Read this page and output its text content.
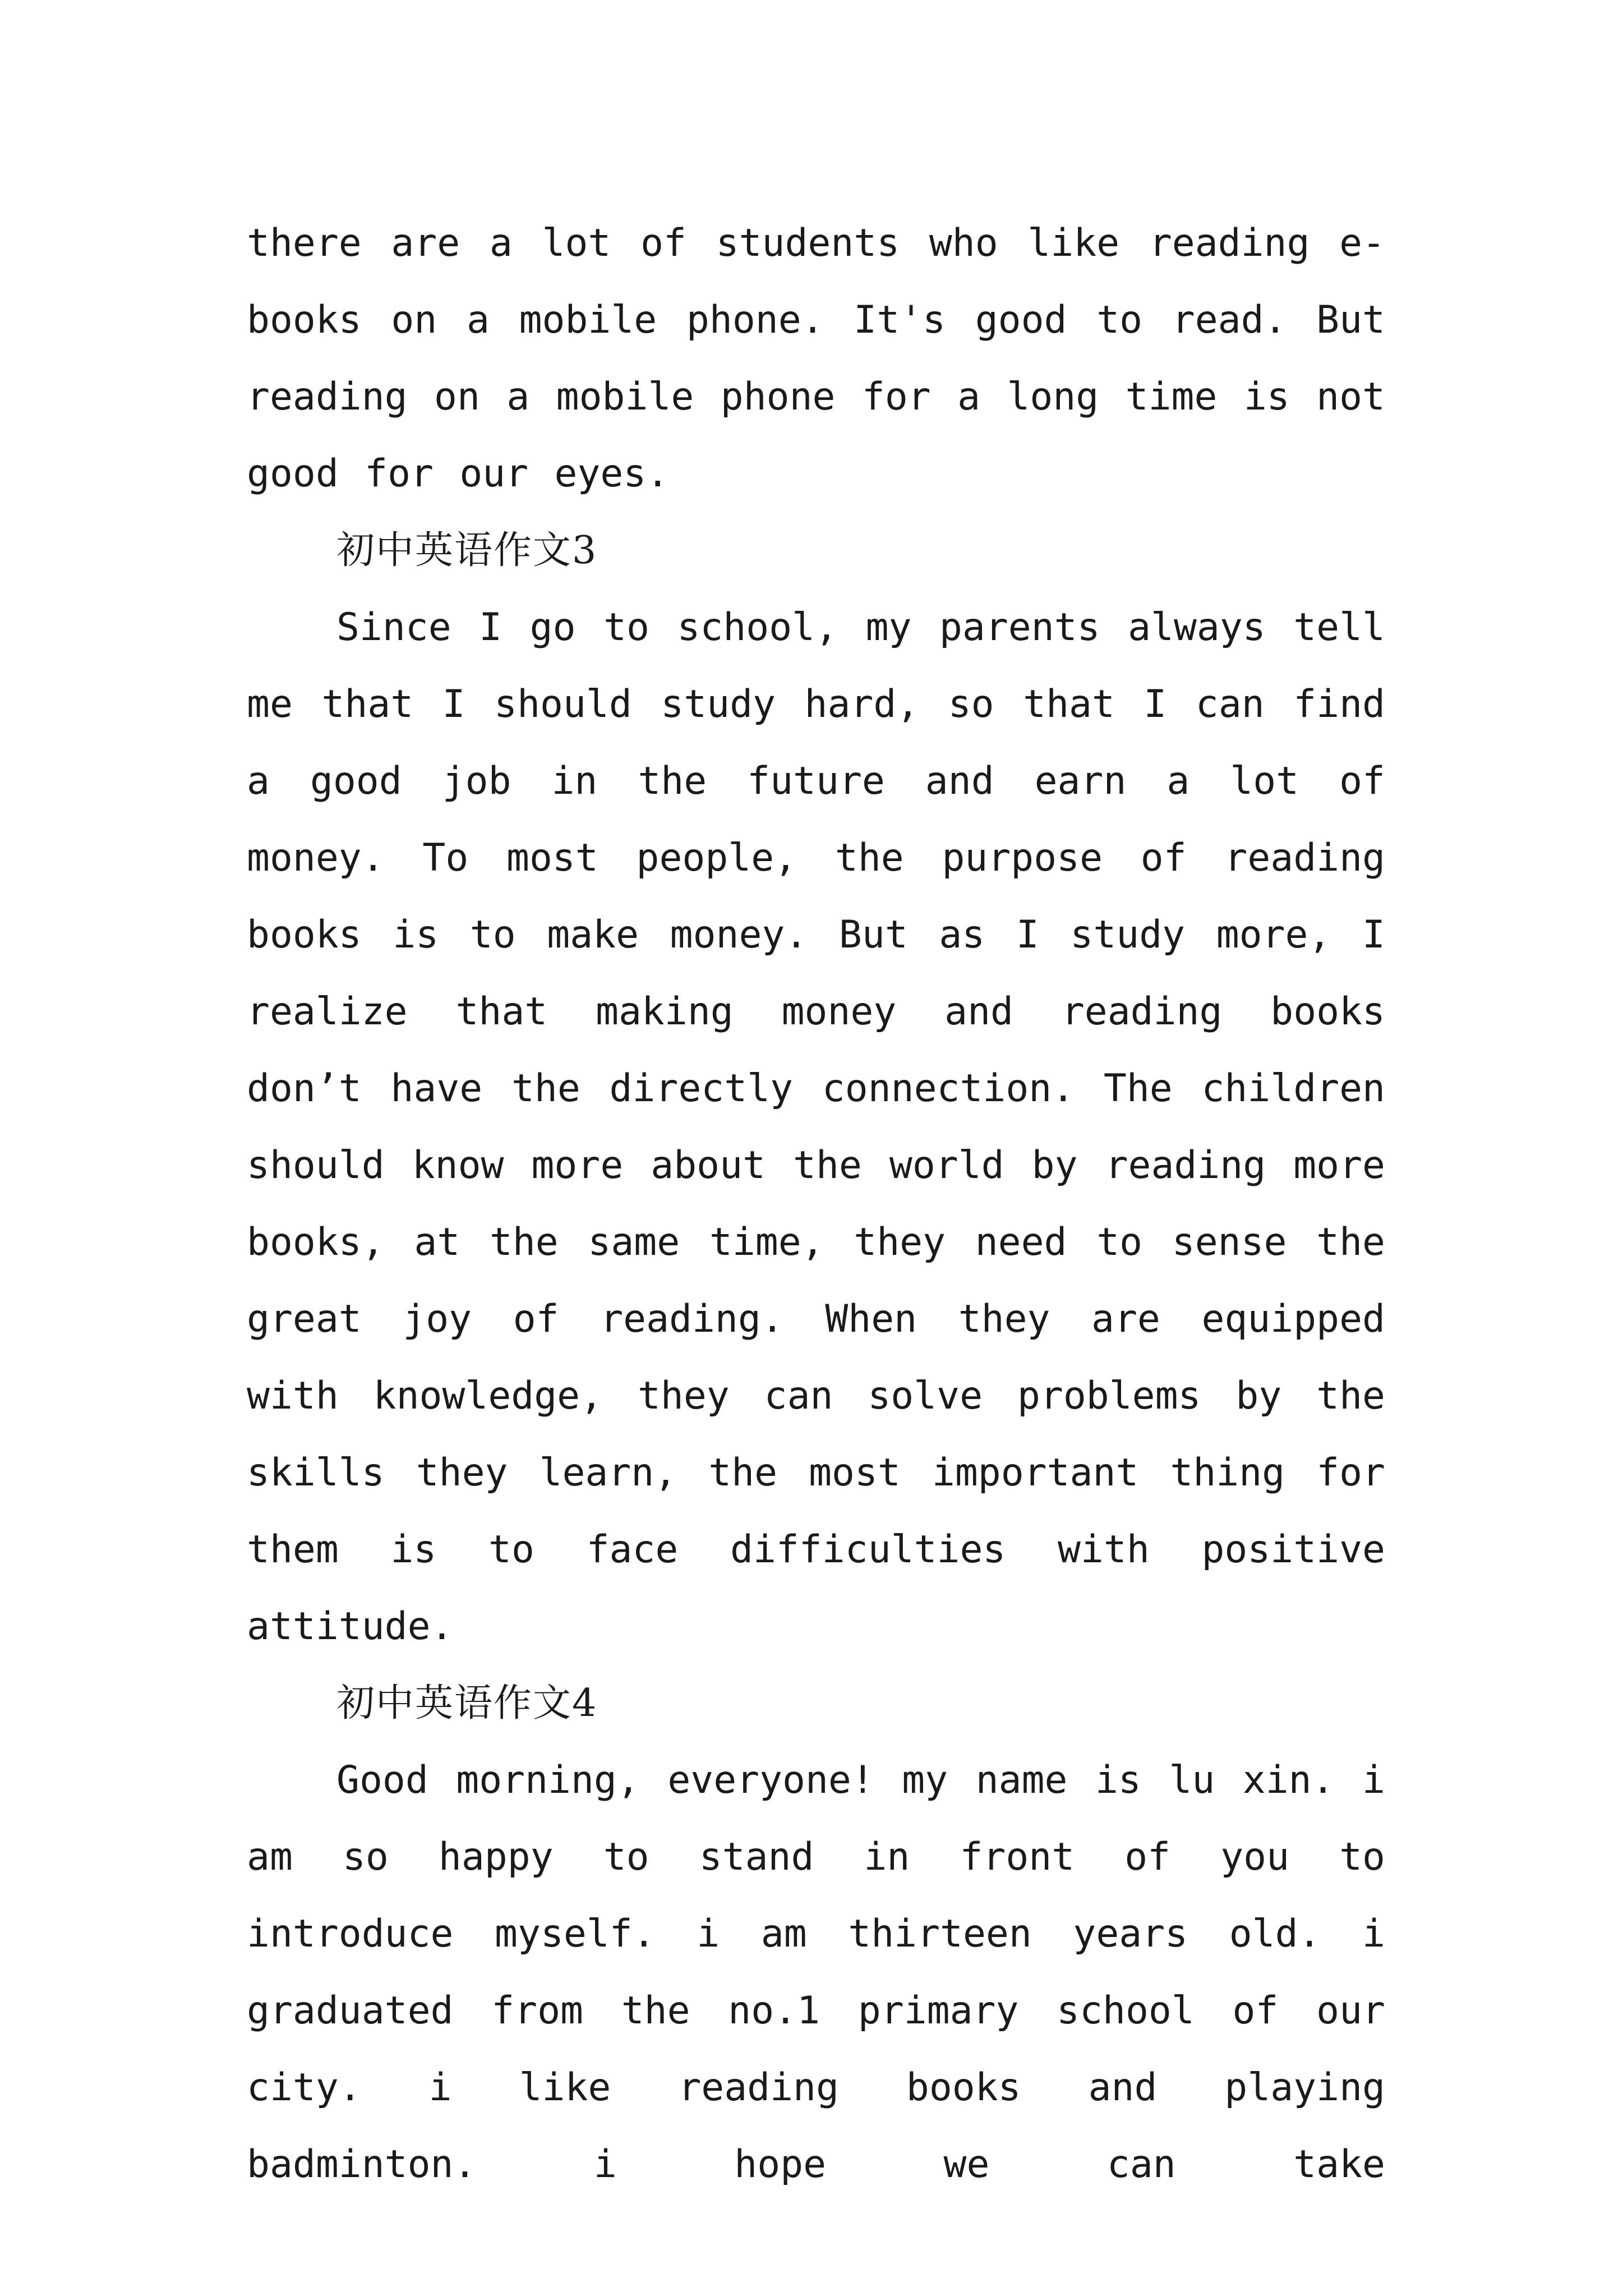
there are a lot of students who like reading e-books on a mobile phone. It's good to read. But reading on a mobile phone for a long time is not good for our eyes.

初中英语作文3

Since I go to school, my parents always tell me that I should study hard, so that I can find a good job in the future and earn a lot of money. To most people, the purpose of reading books is to make money. But as I study more, I realize that making money and reading books don’t have the directly connection. The children should know more about the world by reading more books, at the same time, they need to sense the great joy of reading. When they are equipped with knowledge, they can solve problems by the skills they learn, the most important thing for them is to face difficulties with positive attitude.

初中英语作文4

Good morning, everyone! my name is lu xin. i am so happy to stand in front of you to introduce myself. i am thirteen years old. i graduated from the no.1 primary school of our city. i like reading books and playing badminton. i hope we can take
